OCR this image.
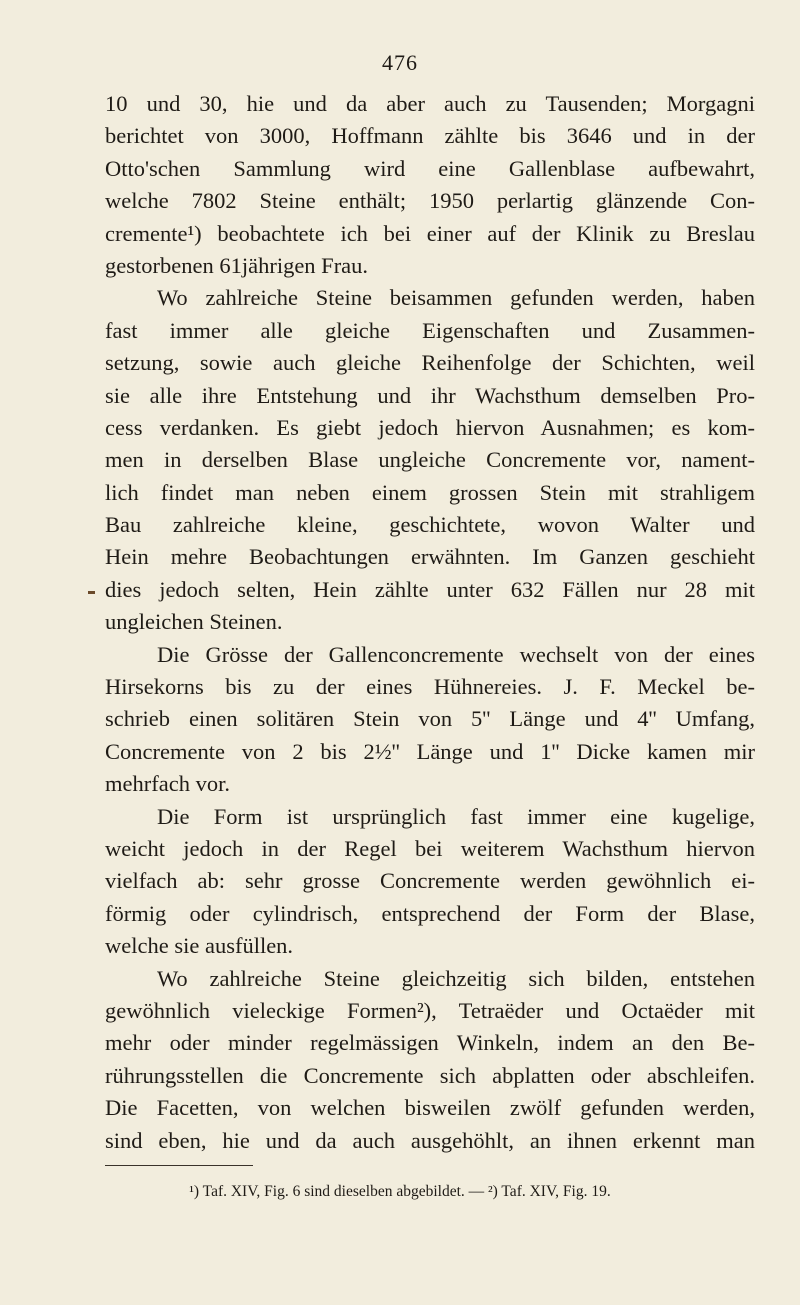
476
10 und 30, hie und da aber auch zu Tausenden; Morgagni
berichtet von 3000, Hoffmann zählte bis 3646 und in der
Otto'schen Sammlung wird eine Gallenblase aufbewahrt,
welche 7802 Steine enthält; 1950 perlartig glänzende Con-
cremente¹) beobachtete ich bei einer auf der Klinik zu Breslau
gestorbenen 61jährigen Frau.
Wo zahlreiche Steine beisammen gefunden werden, haben
fast immer alle gleiche Eigenschaften und Zusammen-
setzung, sowie auch gleiche Reihenfolge der Schichten, weil
sie alle ihre Entstehung und ihr Wachsthum demselben Pro-
cess verdanken. Es giebt jedoch hiervon Ausnahmen; es kom-
men in derselben Blase ungleiche Concremente vor, nament-
lich findet man neben einem grossen Stein mit strahligem
Bau zahlreiche kleine, geschichtete, wovon Walter und
Hein mehre Beobachtungen erwähnten. Im Ganzen geschieht
dies jedoch selten, Hein zählte unter 632 Fällen nur 28 mit
ungleichen Steinen.
Die Grösse der Gallenconcremente wechselt von der eines
Hirsekorns bis zu der eines Hühnereies. J. F. Meckel be-
schrieb einen solitären Stein von 5'' Länge und 4'' Umfang,
Concremente von 2 bis 2½'' Länge und 1'' Dicke kamen mir
mehrfach vor.
Die Form ist ursprünglich fast immer eine kugelige,
weicht jedoch in der Regel bei weiterem Wachsthum hiervon
vielfach ab: sehr grosse Concremente werden gewöhnlich ei-
förmig oder cylindrisch, entsprechend der Form der Blase,
welche sie ausfüllen.
Wo zahlreiche Steine gleichzeitig sich bilden, entstehen
gewöhnlich vieleckige Formen²), Tetraëder und Octaëder mit
mehr oder minder regelmässigen Winkeln, indem an den Be-
rührungsstellen die Concremente sich abplatten oder abschleifen.
Die Facetten, von welchen bisweilen zwölf gefunden werden,
sind eben, hie und da auch ausgehöhlt, an ihnen erkennt man
¹) Taf. XIV, Fig. 6 sind dieselben abgebildet. — ²) Taf. XIV, Fig. 19.
